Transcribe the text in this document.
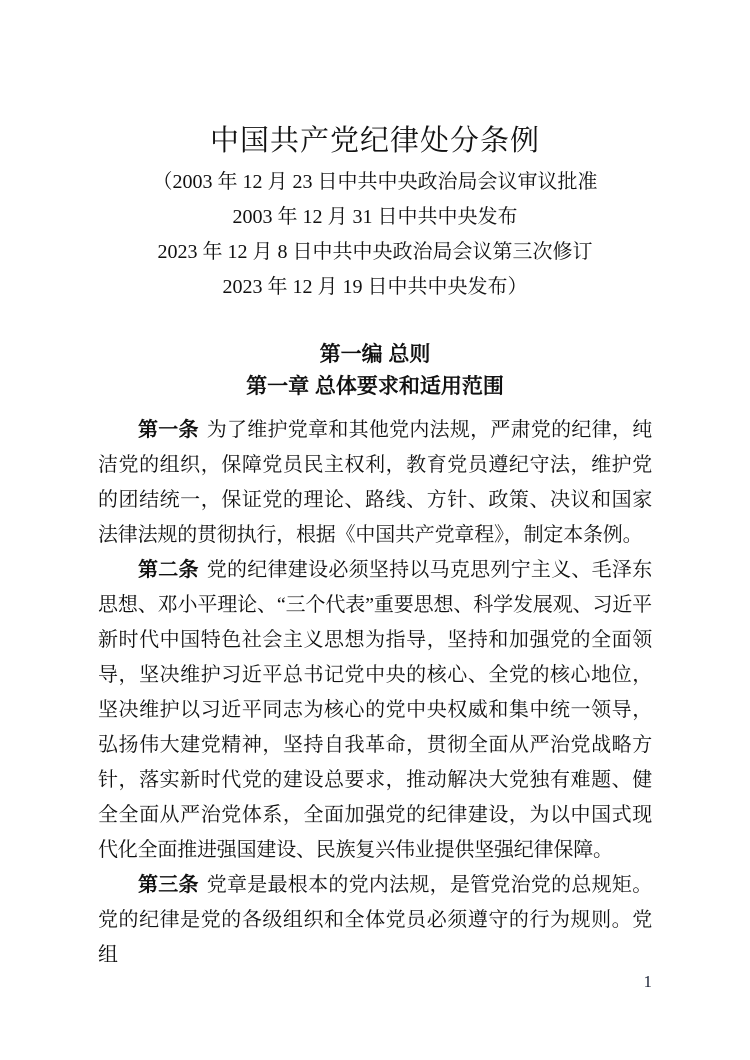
中国共产党纪律处分条例
（2003 年 12 月 23 日中共中央政治局会议审议批准
2003 年 12 月 31 日中共中央发布
2023 年 12 月 8 日中共中央政治局会议第三次修订
2023 年 12 月 19 日中共中央发布）
第一编 总则
第一章 总体要求和适用范围

第一条 为了维护党章和其他党内法规，严肃党的纪律，纯洁党的组织，保障党员民主权利，教育党员遵纪守法，维护党的团结统一，保证党的理论、路线、方针、政策、决议和国家法律法规的贯彻执行，根据《中国共产党章程》，制定本条例。

第二条 党的纪律建设必须坚持以马克思列宁主义、毛泽东思想、邓小平理论、“三个代表”重要思想、科学发展观、习近平新时代中国特色社会主义思想为指导，坚持和加强党的全面领导，坚决维护习近平总书记党中央的核心、全党的核心地位，坚决维护以习近平同志为核心的党中央权威和集中统一领导，弘扬伟大建党精神，坚持自我革命，贯彻全面从严治党战略方针，落实新时代党的建设总要求，推动解决大党独有难题、健全全面从严治党体系，全面加强党的纪律建设，为以中国式现代化全面推进强国建设、民族复兴伟业提供坚强纪律保障。

第三条 党章是最根本的党内法规，是管党治党的总规矩。党的纪律是党的各级组织和全体党员必须遵守的行为规则。党组

1
